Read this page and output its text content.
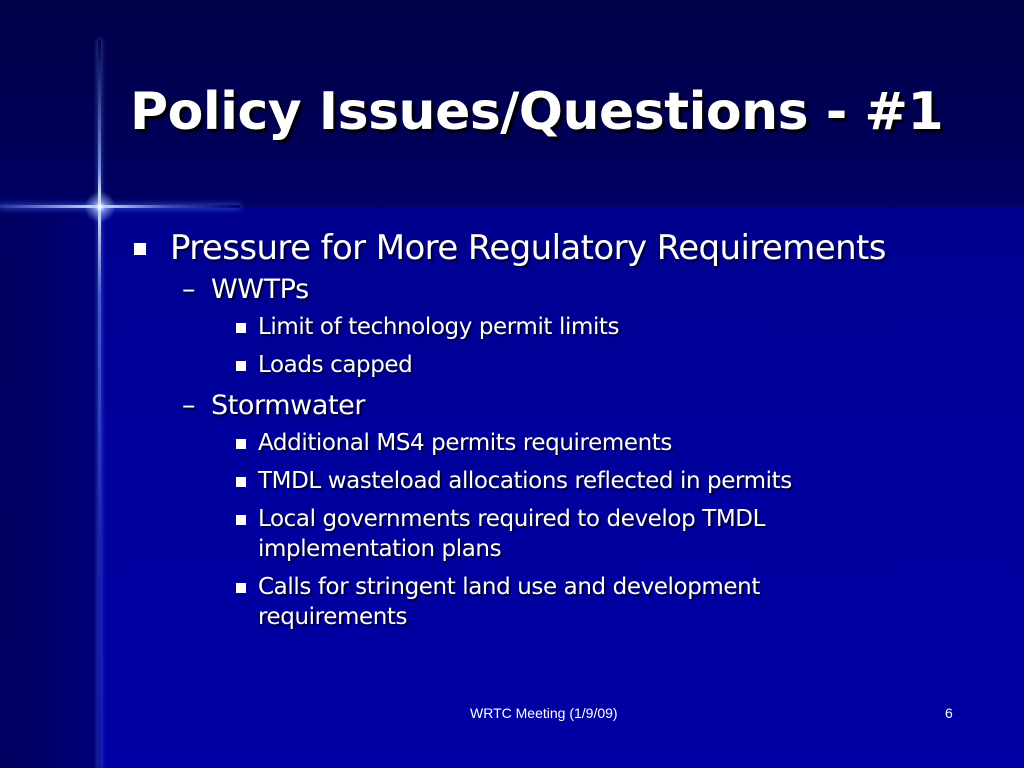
Policy Issues/Questions - #1
Pressure for More Regulatory Requirements
– WWTPs
Limit of technology permit limits
Loads capped
– Stormwater
Additional MS4 permits requirements
TMDL wasteload allocations reflected in permits
Local governments required to develop TMDL implementation plans
Calls for stringent land use and development requirements
WRTC Meeting (1/9/09)	6
